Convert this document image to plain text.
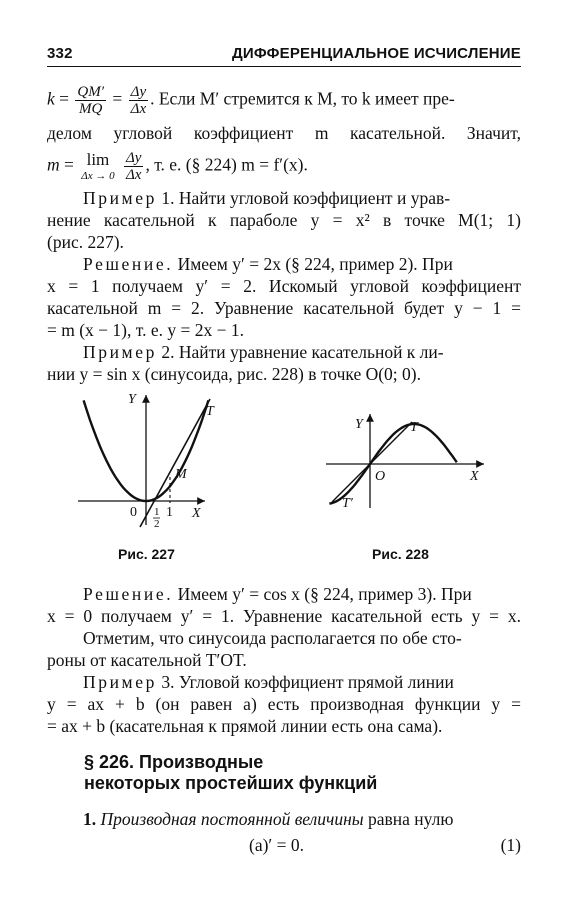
332	ДИФФЕРЕНЦИАЛЬНОЕ ИСЧИСЛЕНИЕ
$k = \frac{QM'}{MQ} = \frac{\Delta y}{\Delta x}$ . Если M′ стремится к M, то k имеет пре-
делом угловой коэффициент m касательной. Значит,
m = lim
Δx → 0
$\frac{\Delta y}{\Delta x}$ , т. е. (§ 224) m = f′(x).
Пример 1. Найти угловой коэффициент и урав-
нение касательной к параболе y = x² в точке M(1; 1)
(рис. 227).
Решение. Имеем y′ = 2x (§ 224, пример 2). При
x = 1 получаем y′ = 2. Искомый угловой коэффициент
касательной m = 2. Уравнение касательной будет y − 1 =
= m (x − 1), т. е. y = 2x − 1.
Пример 2. Найти уравнение касательной к ли-
нии y = sin x (синусоида, рис. 228) в точке O(0; 0).
Y
X
T
M
0 1
2
1
Рис. 227
Y
X
T
T′
O
Рис. 228
Решение. Имеем y′ = cos x (§ 224, пример 3). При
x = 0 получаем y′ = 1. Уравнение касательной есть y = x.
Отметим, что синусоида располагается по обе сто-
роны от касательной T′OT.
Пример 3. Угловой коэффициент прямой линии
y = ax + b (он равен a) есть производная функции y =
= ax + b (касательная к прямой линии есть она сама).
§ 226. Производные
некоторых простейших функций
1. Производная постоянной величины равна нулю
(a)′ = 0.	(1)
